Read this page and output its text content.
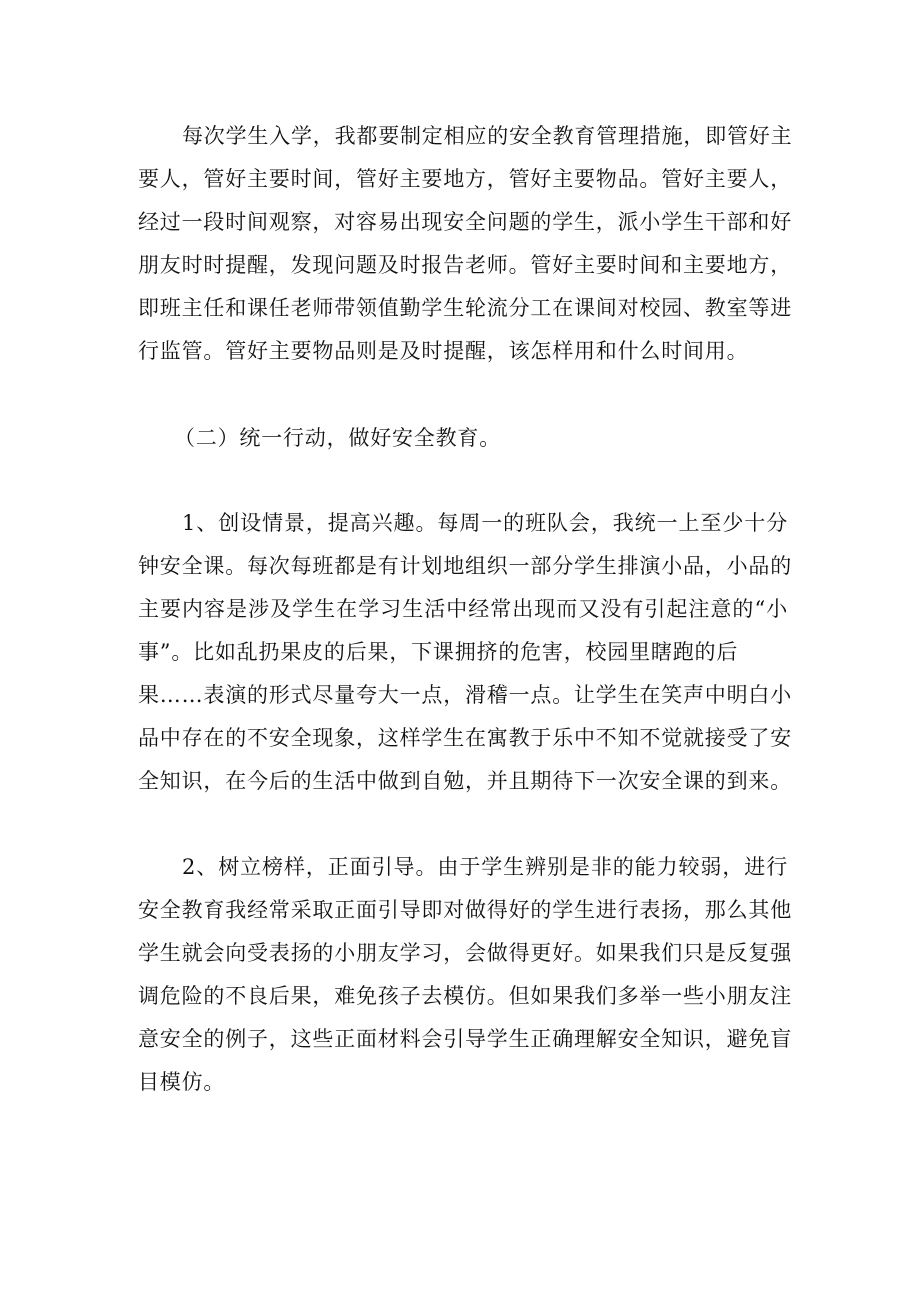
每次学生入学，我都要制定相应的安全教育管理措施，即管好主

要人，管好主要时间，管好主要地方，管好主要物品。管好主要人，

经过一段时间观察，对容易出现安全问题的学生，派小学生干部和好

朋友时时提醒，发现问题及时报告老师。管好主要时间和主要地方，

即班主任和课任老师带领值勤学生轮流分工在课间对校园、教室等进

行监管。管好主要物品则是及时提醒，该怎样用和什么时间用。

（二）统一行动，做好安全教育。

1、创设情景，提高兴趣。每周一的班队会，我统一上至少十分

钟安全课。每次每班都是有计划地组织一部分学生排演小品，小品的

主要内容是涉及学生在学习生活中经常出现而又没有引起注意的“小

事”。比如乱扔果皮的后果，下课拥挤的危害，校园里瞎跑的后

果……表演的形式尽量夸大一点，滑稽一点。让学生在笑声中明白小

品中存在的不安全现象，这样学生在寓教于乐中不知不觉就接受了安

全知识，在今后的生活中做到自勉，并且期待下一次安全课的到来。

2、树立榜样，正面引导。由于学生辨别是非的能力较弱，进行

安全教育我经常采取正面引导即对做得好的学生进行表扬，那么其他

学生就会向受表扬的小朋友学习，会做得更好。如果我们只是反复强

调危险的不良后果，难免孩子去模仿。但如果我们多举一些小朋友注

意安全的例子，这些正面材料会引导学生正确理解安全知识，避免盲

目模仿。
